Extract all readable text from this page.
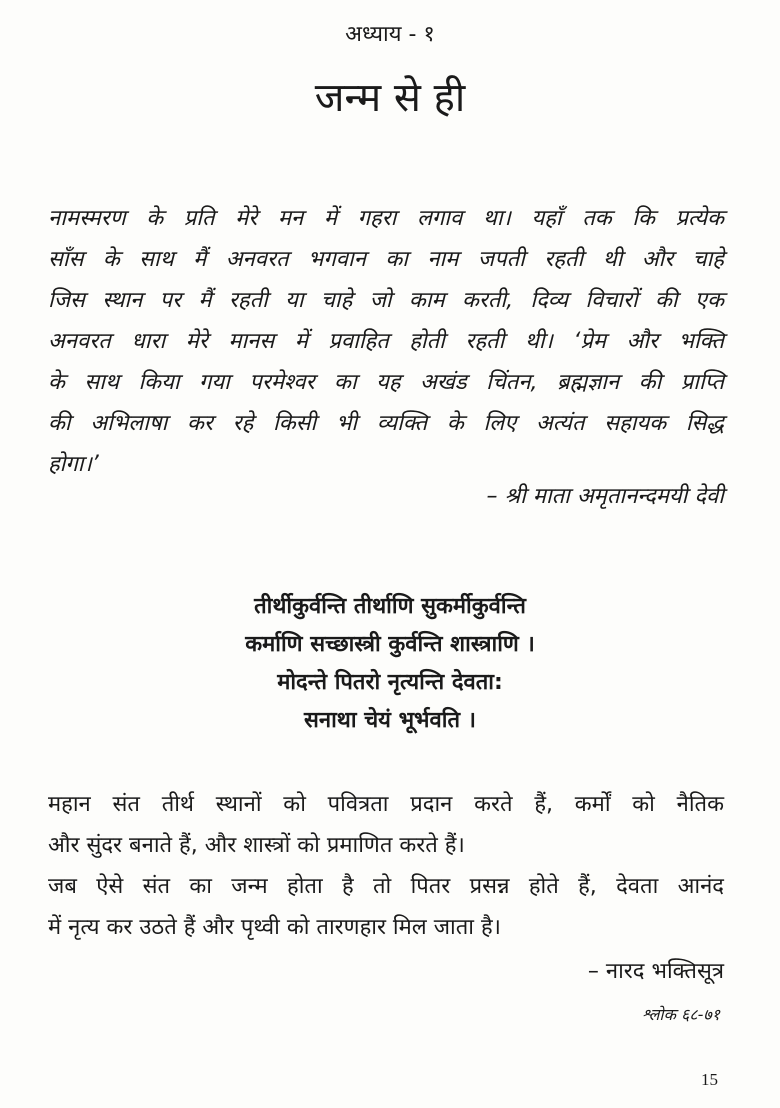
अध्याय - १
जन्म से ही
नामस्मरण के प्रति मेरे मन में गहरा लगाव था। यहाँ तक कि प्रत्येक
साँस के साथ मैं अनवरत भगवान का नाम जपती रहती थी और चाहे
जिस स्थान पर मैं रहती या चाहे जो काम करती, दिव्य विचारों की एक
अनवरत धारा मेरे मानस में प्रवाहित होती रहती थी। ‘प्रेम और भक्ति
के साथ किया गया परमेश्वर का यह अखंड चिंतन, ब्रह्मज्ञान की प्राप्ति
की अभिलाषा कर रहे किसी भी व्यक्ति के लिए अत्यंत सहायक सिद्ध
होगा।’
– श्री माता अमृतानन्दमयी देवी
तीर्थीकुर्वन्ति तीर्थाणि सुकर्मीकुर्वन्ति
कर्माणि सच्छास्त्री कुर्वन्ति शास्त्राणि ।
मोदन्ते पितरो नृत्यन्ति देवता:
सनाथा चेयं भूर्भवति ।
महान संत तीर्थ स्थानों को पवित्रता प्रदान करते हैं, कर्मों को नैतिक
और सुंदर बनाते हैं, और शास्त्रों को प्रमाणित करते हैं।
जब ऐसे संत का जन्म होता है तो पितर प्रसन्न होते हैं, देवता आनंद
में नृत्य कर उठते हैं और पृथ्वी को तारणहार मिल जाता है।
– नारद भक्तिसूत्र
श्लोक ६८-७१
15
